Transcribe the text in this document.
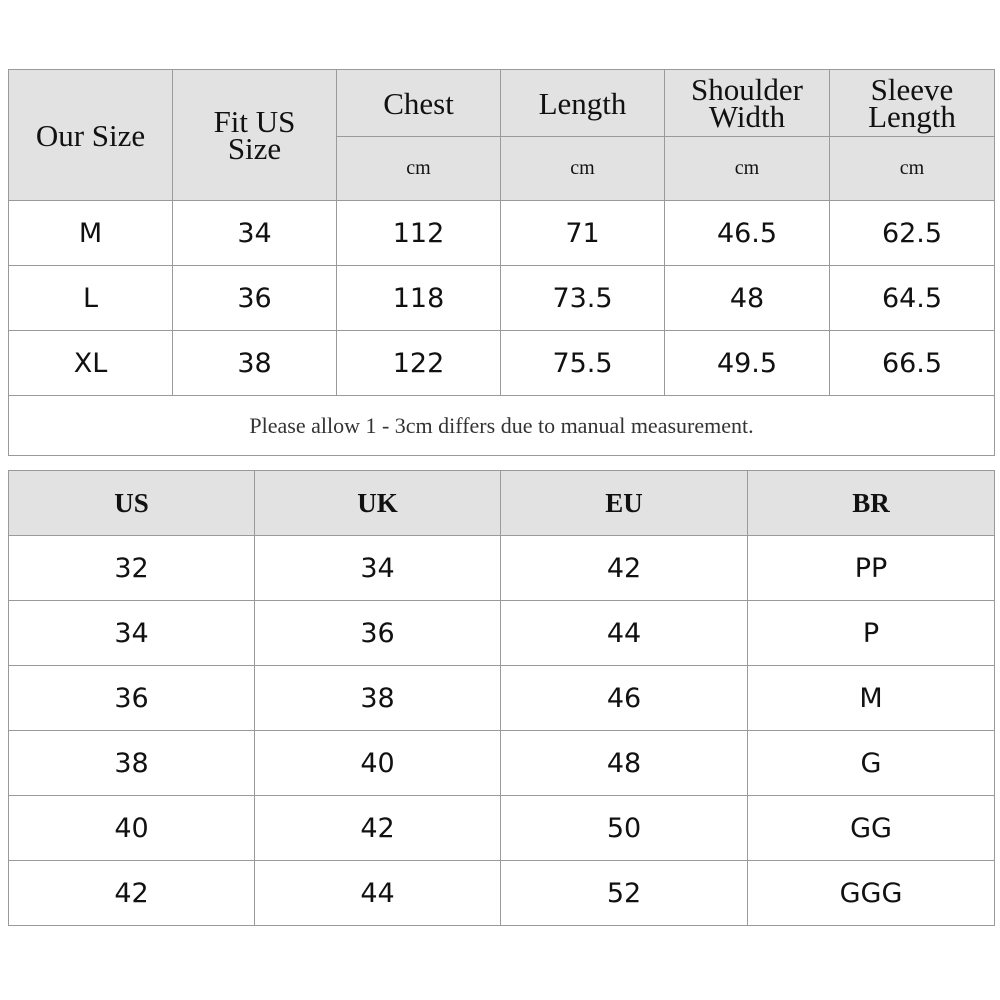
Our Size	Fit US Size	Chest	Length	Shoulder Width	Sleeve Length
		cm	cm	cm	cm
M	34	112	71	46.5	62.5
L	36	118	73.5	48	64.5
XL	38	122	75.5	49.5	66.5
Please allow 1 - 3cm differs due to manual measurement.					
US	UK	EU	BR
32	34	42	PP
34	36	44	P
36	38	46	M
38	40	48	G
40	42	50	GG
42	44	52	GGG
